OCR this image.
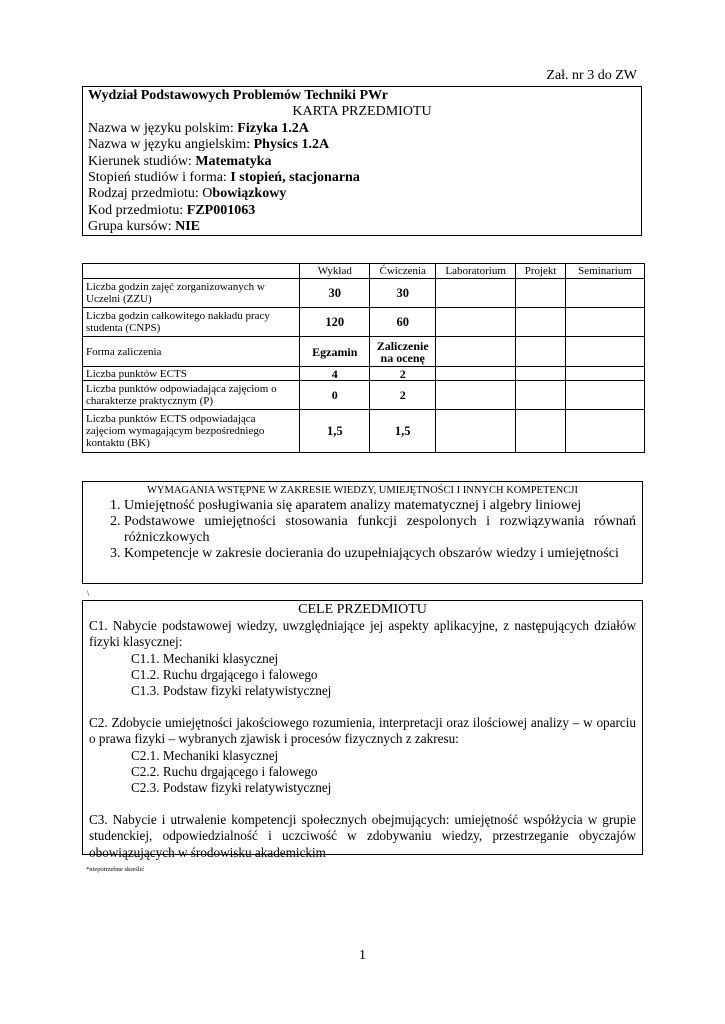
Zał. nr 3 do ZW
Wydział Podstawowych Problemów Techniki PWr
KARTA PRZEDMIOTU
Nazwa w języku polskim: Fizyka 1.2A
Nazwa w języku angielskim: Physics 1.2A
Kierunek studiów: Matematyka
Stopień studiów i forma: I stopień, stacjonarna
Rodzaj przedmiotu: Obowiązkowy
Kod przedmiotu: FZP001063
Grupa kursów: NIE
	Wykład	Ćwiczenia	Laboratorium	Projekt	Seminarium
Liczba godzin zajęć zorganizowanych w Uczelni (ZZU)	30	30			
Liczba godzin całkowitego nakładu pracy studenta (CNPS)	120	60			
Forma zaliczenia	Egzamin	Zaliczenie na ocenę			
Liczba punktów ECTS	4	2			
Liczba punktów odpowiadająca zajęciom o charakterze praktycznym (P)	0	2			
Liczba punktów ECTS odpowiadająca zajęciom wymagającym bezpośredniego kontaktu (BK)	1,5	1,5			
WYMAGANIA WSTĘPNE W ZAKRESIE WIEDZY, UMIEJĘTNOŚCI I INNYCH KOMPETENCJI
1. Umiejętność posługiwania się aparatem analizy matematycznej i algebry liniowej
2. Podstawowe umiejętności stosowania funkcji zespolonych i rozwiązywania równań różniczkowych
3. Kompetencje w zakresie docierania do uzupełniających obszarów wiedzy i umiejętności
\
CELE PRZEDMIOTU

C1. Nabycie podstawowej wiedzy, uwzględniające jej aspekty aplikacyjne, z następujących działów fizyki klasycznej:

C1.1. Mechaniki klasycznej

C1.2. Ruchu drgającego i falowego

C1.3. Podstaw fizyki relatywistycznej

C2. Zdobycie umiejętności jakościowego rozumienia, interpretacji oraz ilościowej analizy – w oparciu o prawa fizyki – wybranych zjawisk i procesów fizycznych z zakresu:

C2.1. Mechaniki klasycznej

C2.2. Ruchu drgającego i falowego

C2.3. Podstaw fizyki relatywistycznej

C3. Nabycie i utrwalenie kompetencji społecznych obejmujących: umiejętność współżycia w grupie studenckiej, odpowiedzialność i uczciwość w zdobywaniu wiedzy, przestrzeganie obyczajów obowiązujących w środowisku akademickim

*niepotrzebne skreślić
1
